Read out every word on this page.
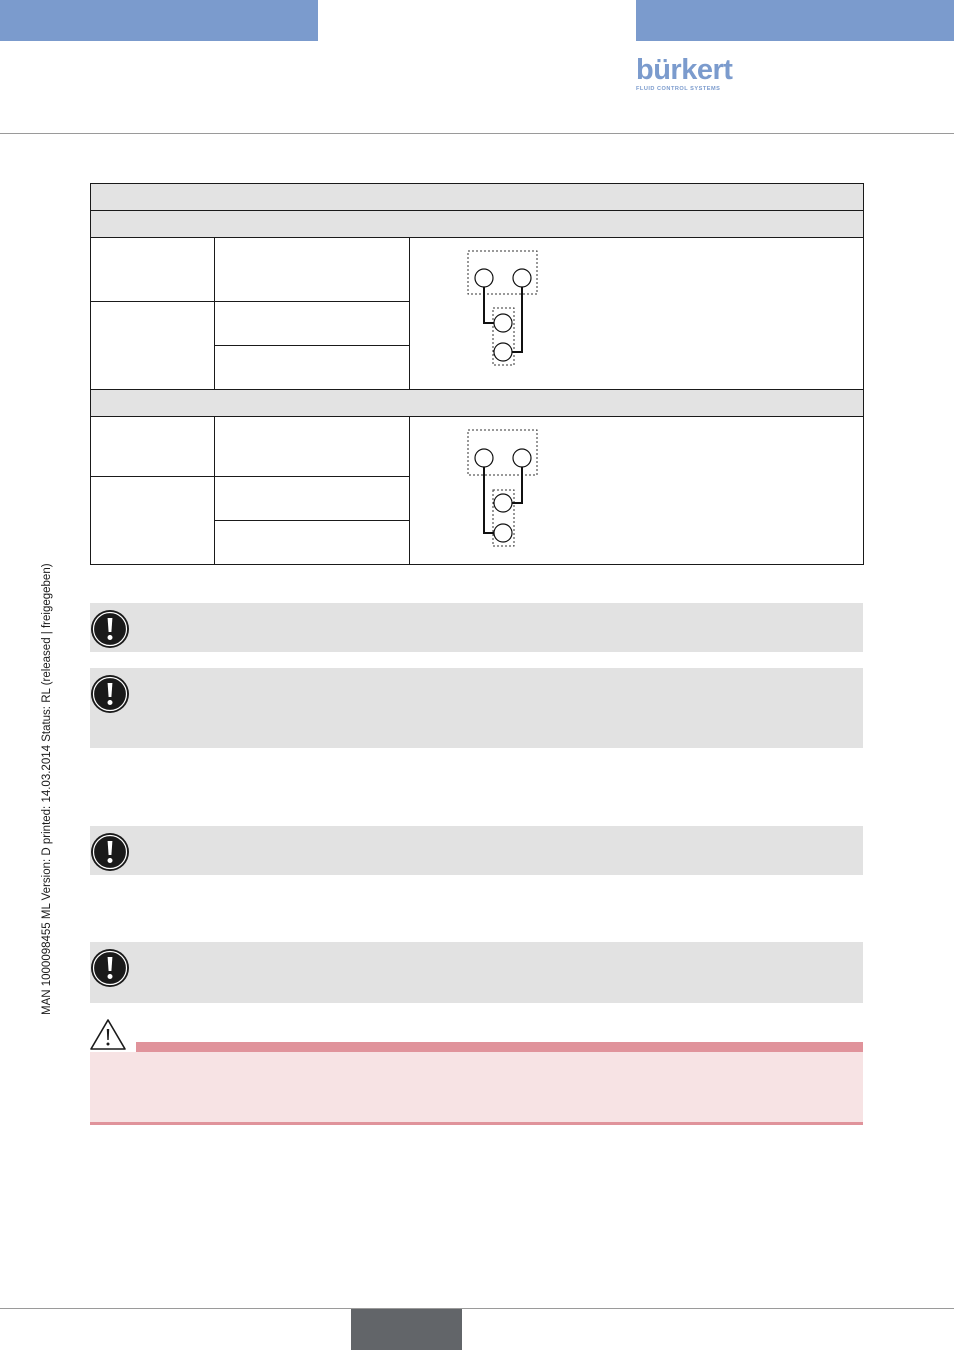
bürkert
FLUID CONTROL SYSTEMS
MAN 1000098455 ML Version: D printed: 14.03.2014 Status: RL (released | freigegeben)
